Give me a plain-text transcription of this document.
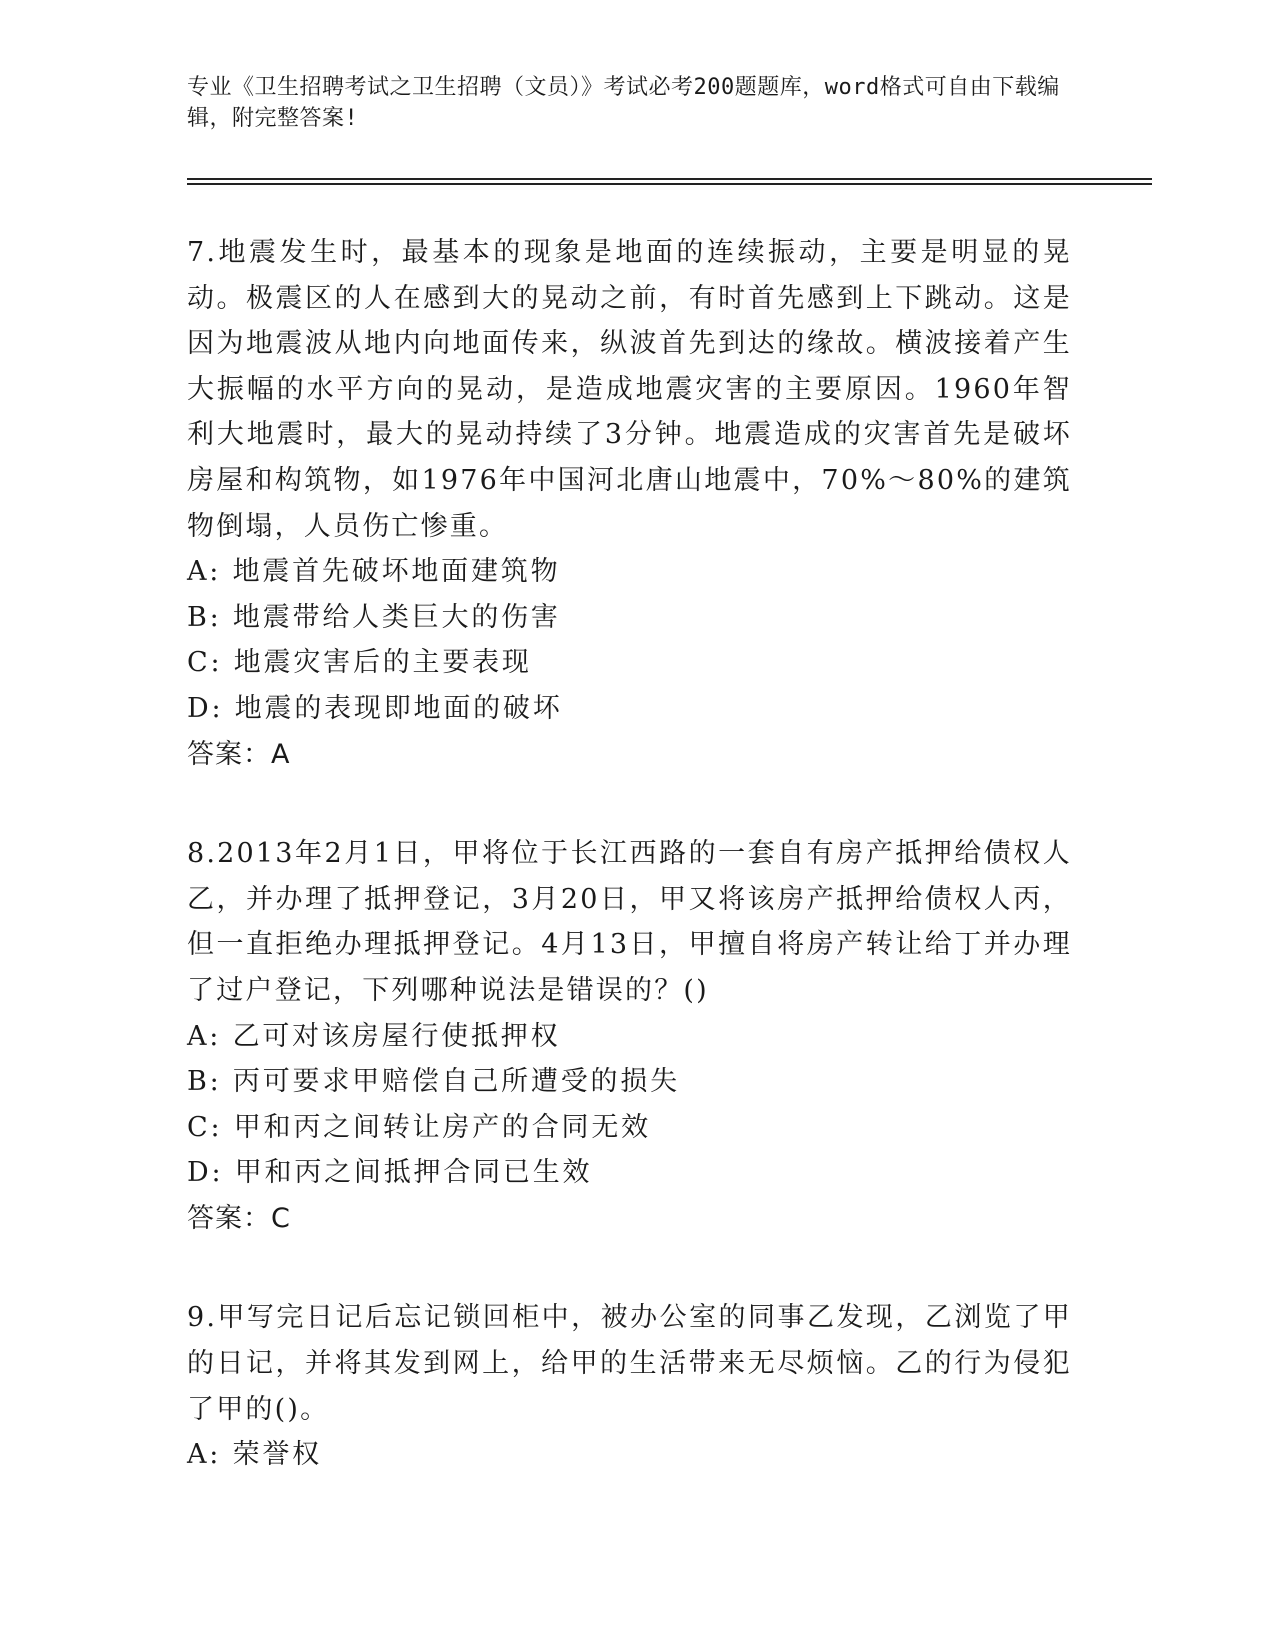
专业《卫生招聘考试之卫生招聘（文员）》考试必考200题题库，word格式可自由下载编辑，附完整答案!

7.地震发生时，最基本的现象是地面的连续振动，主要是明显的晃动。极震区的人在感到大的晃动之前，有时首先感到上下跳动。这是因为地震波从地内向地面传来，纵波首先到达的缘故。横波接着产生大振幅的水平方向的晃动，是造成地震灾害的主要原因。1960年智利大地震时，最大的晃动持续了3分钟。地震造成的灾害首先是破坏房屋和构筑物，如1976年中国河北唐山地震中，70%～80%的建筑物倒塌，人员伤亡惨重。

A: 地震首先破坏地面建筑物
B: 地震带给人类巨大的伤害
C: 地震灾害后的主要表现
D: 地震的表现即地面的破坏
答案：A

8.2013年2月1日，甲将位于长江西路的一套自有房产抵押给债权人乙，并办理了抵押登记，3月20日，甲又将该房产抵押给债权人丙，但一直拒绝办理抵押登记。4月13日，甲擅自将房产转让给丁并办理了过户登记，下列哪种说法是错误的？()

A: 乙可对该房屋行使抵押权
B: 丙可要求甲赔偿自己所遭受的损失
C: 甲和丙之间转让房产的合同无效
D: 甲和丙之间抵押合同已生效
答案：C

9.甲写完日记后忘记锁回柜中，被办公室的同事乙发现，乙浏览了甲的日记，并将其发到网上，给甲的生活带来无尽烦恼。乙的行为侵犯了甲的()。

A: 荣誉权
